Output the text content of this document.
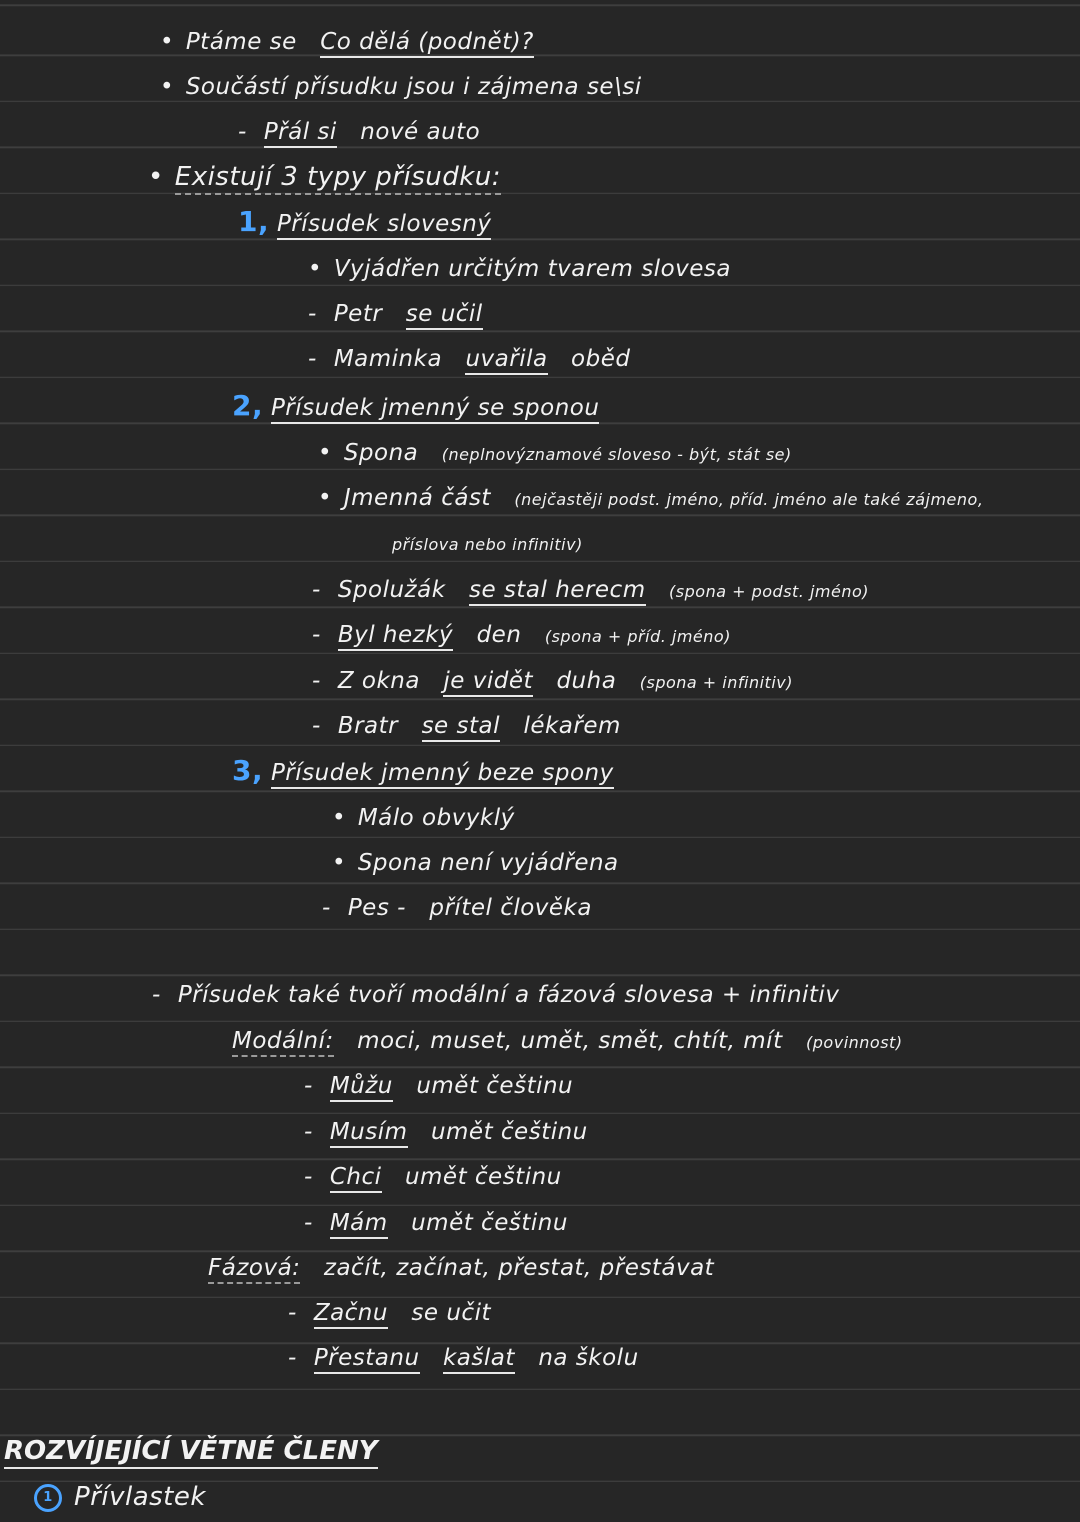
• Ptáme se Co dělá (podnět)?
• Součástí přísudku jsou i zájmena se\si
- Přál si nové auto
• Existují 3 typy přísudku:
1, Přísudek slovesný
• Vyjádřen určitým tvarem slovesa
- Petr se učil
- Maminka uvařila oběd
2, Přísudek jmenný se sponou
• Spona (neplnovýznamové sloveso - být, stát se)
• Jmenná část (nejčastěji podst. jméno, příd. jméno ale také zájmeno,
příslova nebo infinitiv)
- Spolužák se stal herecm (spona + podst. jméno)
- Byl hezký den (spona + příd. jméno)
- Z okna je vidět duha (spona + infinitiv)
- Bratr se stal lékařem
3, Přísudek jmenný beze spony
• Málo obvyklý
• Spona není vyjádřena
- Pes - přítel člověka
- Přísudek také tvoří modální a fázová slovesa + infinitiv
Modální: moci, muset, umět, smět, chtít, mít (povinnost)
- Můžu umět češtinu
- Musím umět češtinu
- Chci umět češtinu
- Mám umět češtinu
Fázová: začít, začínat, přestat, přestávat
- Začnu se učit
- Přestanu kašlat na školu
ROZVÍJEJÍCÍ VĚTNÉ ČLENY
1 Přívlastek
